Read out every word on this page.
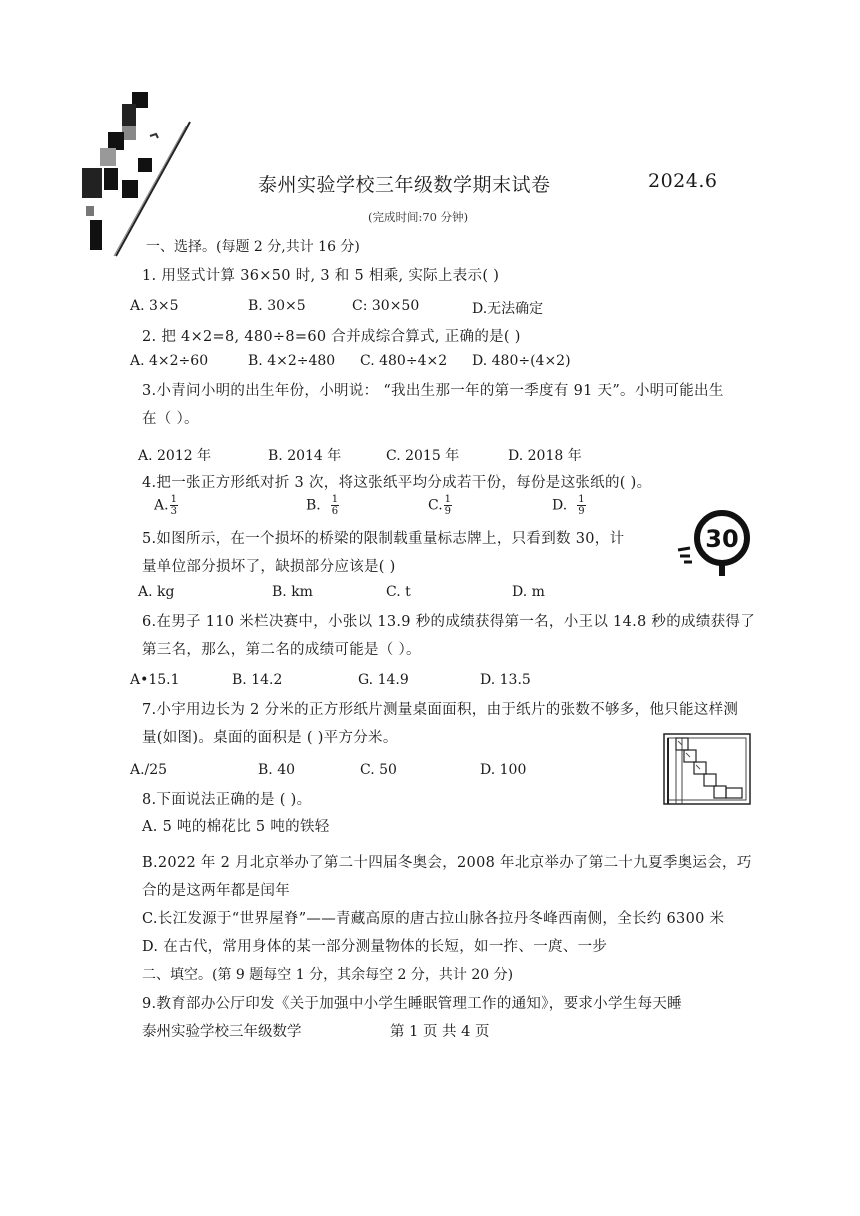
泰州实验学校三年级数学期末试卷	2024.6
(完成时间:70 分钟)
一、选择。(每题 2 分,共计 16 分)
1. 用竖式计算 36×50 时, 3 和 5 相乘, 实际上表示( )
A. 3×5	B. 30×5	C: 30×50	D.无法确定
2. 把 4×2=8, 480÷8=60 合并成综合算式, 正确的是( )
A. 4×2÷60	B. 4×2÷480 C. 480÷4×2 D. 480÷(4×2)
3.小青问小明的出生年份，小明说： “我出生那一年的第一季度有 91 天”。小明可能出生
在（ ）。
A. 2012 年	B. 2014 年	C. 2015 年	D. 2018 年
4.把一张正方形纸对折 3 次，将这张纸平均分成若干份，每份是这张纸的( )。
A. $\frac{1}{3}$	B. $\frac{1}{6}$	C. $\frac{1}{9}$	D. $\frac{1}{9}$
5.如图所示，在一个损坏的桥梁的限制载重量标志牌上，只看到数 30，计
量单位部分损坏了，缺损部分应该是( )
A. kg	B. km	C. t	D. m
30
6.在男子 110 米栏决赛中，小张以 13.9 秒的成绩获得第一名，小王以 14.8 秒的成绩获得了
第三名，那么，第二名的成绩可能是（ ）。
A•15.1	B. 14.2	G. 14.9	D. 13.5
7.小宇用边长为 2 分米的正方形纸片测量桌面面积，由于纸片的张数不够多，他只能这样测
量(如图)。桌面的面积是 ( )平方分米。
A./25	B. 40	C. 50	D. 100
8.下面说法正确的是 ( )。
A. 5 吨的棉花比 5 吨的铁轻
B.2022 年 2 月北京举办了第二十四届冬奥会，2008 年北京举办了第二十九夏季奥运会，巧
合的是这两年都是闰年
C.长江发源于“世界屋脊”——青藏高原的唐古拉山脉各拉丹冬峰西南侧，全长约 6300 米
D. 在古代，常用身体的某一部分测量物体的长短，如一拃、一庹、一步
二、填空。(第 9 题每空 1 分，其余每空 2 分，共计 20 分)
9.教育部办公厅印发《关于加强中小学生睡眠管理工作的通知》，要求小学生每天睡
泰州实验学校三年级数学	第 1 页 共 4 页
